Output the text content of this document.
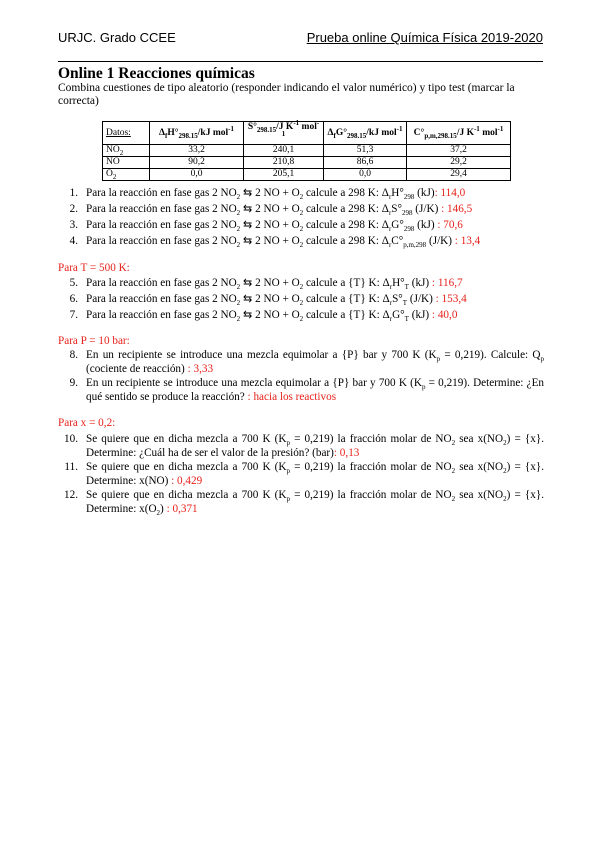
URJC. Grado CCEE	Prueba online Química Física 2019-2020
Online 1 Reacciones químicas
Combina cuestiones de tipo aleatorio (responder indicando el valor numérico) y tipo test (marcar la correcta)
Datos:	$\Delta_fH^\circ_{298.15}/kJ$ mol$^{-1}$	$S^\circ_{298.15}/J$ $K^{-1}$ mol$^{-1}$	$\Delta_fG^\circ_{298.15}/kJ$ mol$^{-1}$	$C^\circ_{p,m,298.15}/J$ $K^{-1}$ mol$^{-1}$
$NO_2$	33,2	240,1	51,3	37,2
NO	90,2	210,8	86,6	29,2
$O_2$	0,0	205,1	0,0	29,4
1. Para la reacción en fase gas 2 $NO_2$ ⇆ 2 NO + $O_2$ calcule a 298 K: $\Delta_rH^\circ_{298}$ (kJ): 114,0
2. Para la reacción en fase gas 2 $NO_2$ ⇆ 2 NO + $O_2$ calcule a 298 K: $\Delta_rS^\circ_{298}$ (J/K) : 146,5
3. Para la reacción en fase gas 2 $NO_2$ ⇆ 2 NO + $O_2$ calcule a 298 K: $\Delta_rG^\circ_{298}$ (kJ) : 70,6
4. Para la reacción en fase gas 2 $NO_2$ ⇆ 2 NO + $O_2$ calcule a 298 K: $\Delta_rC^\circ_{p,m,298}$ (J/K) : 13,4
Para T = 500 K:
5. Para la reacción en fase gas 2 $NO_2$ ⇆ 2 NO + $O_2$ calcule a {T} K: $\Delta_rH^\circ_T$ (kJ) : 116,7
6. Para la reacción en fase gas 2 $NO_2$ ⇆ 2 NO + $O_2$ calcule a {T} K: $\Delta_rS^\circ_T$ (J/K) : 153,4
7. Para la reacción en fase gas 2 $NO_2$ ⇆ 2 NO + $O_2$ calcule a {T} K: $\Delta_rG^\circ_T$ (kJ) : 40,0
Para P = 10 bar:
8. En un recipiente se introduce una mezcla equimolar a {P} bar y 700 K $(K_p = 0,219)$. Calcule: $Q_p$ (cociente de reacción) : 3,33
9. En un recipiente se introduce una mezcla equimolar a {P} bar y 700 K $(K_p = 0,219)$. Determine: ¿En qué sentido se produce la reacción? : hacia los reactivos
Para x = 0,2:
10. Se quiere que en dicha mezcla a 700 K $(K_p = 0,219)$ la fracción molar de $NO_2$ sea $x(NO_2) = \{x\}$. Determine: ¿Cuál ha de ser el valor de la presión? (bar): 0,13
11. Se quiere que en dicha mezcla a 700 K $(K_p = 0,219)$ la fracción molar de $NO_2$ sea $x(NO_2) = \{x\}$. Determine: x(NO) : 0,429
12. Se quiere que en dicha mezcla a 700 K $(K_p = 0,219)$ la fracción molar de $NO_2$ sea $x(NO_2) = \{x\}$. Determine: $x(O_2)$ : 0,371
